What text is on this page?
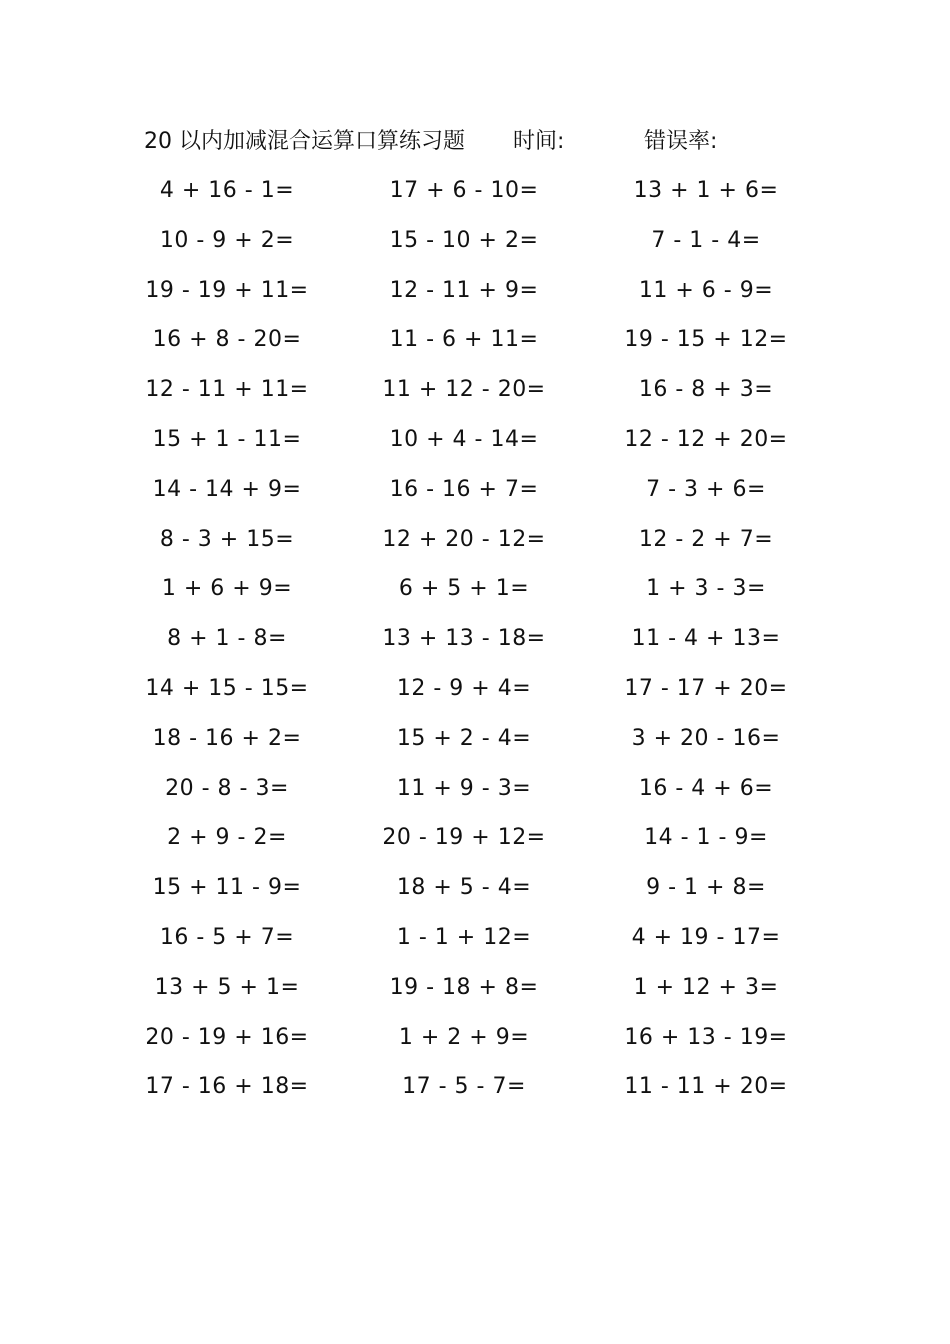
20 以内加减混合运算口算练习题 时间:	错误率:
4 + 16 - 1=	17 + 6 - 10=	13 + 1 + 6=
10 - 9 + 2=	15 - 10 + 2=	7 - 1 - 4=
19 - 19 + 11=	12 - 11 + 9=	11 + 6 - 9=
16 + 8 - 20=	11 - 6 + 11=	19 - 15 + 12=
12 - 11 + 11=	11 + 12 - 20=	16 - 8 + 3=
15 + 1 - 11=	10 + 4 - 14=	12 - 12 + 20=
14 - 14 + 9=	16 - 16 + 7=	7 - 3 + 6=
8 - 3 + 15=	12 + 20 - 12=	12 - 2 + 7=
1 + 6 + 9=	6 + 5 + 1=	1 + 3 - 3=
8 + 1 - 8=	13 + 13 - 18=	11 - 4 + 13=
14 + 15 - 15=	12 - 9 + 4=	17 - 17 + 20=
18 - 16 + 2=	15 + 2 - 4=	3 + 20 - 16=
20 - 8 - 3=	11 + 9 - 3=	16 - 4 + 6=
2 + 9 - 2=	20 - 19 + 12=	14 - 1 - 9=
15 + 11 - 9=	18 + 5 - 4=	9 - 1 + 8=
16 - 5 + 7=	1 - 1 + 12=	4 + 19 - 17=
13 + 5 + 1=	19 - 18 + 8=	1 + 12 + 3=
20 - 19 + 16=	1 + 2 + 9=	16 + 13 - 19=
17 - 16 + 18=	17 - 5 - 7=	11 - 11 + 20=
